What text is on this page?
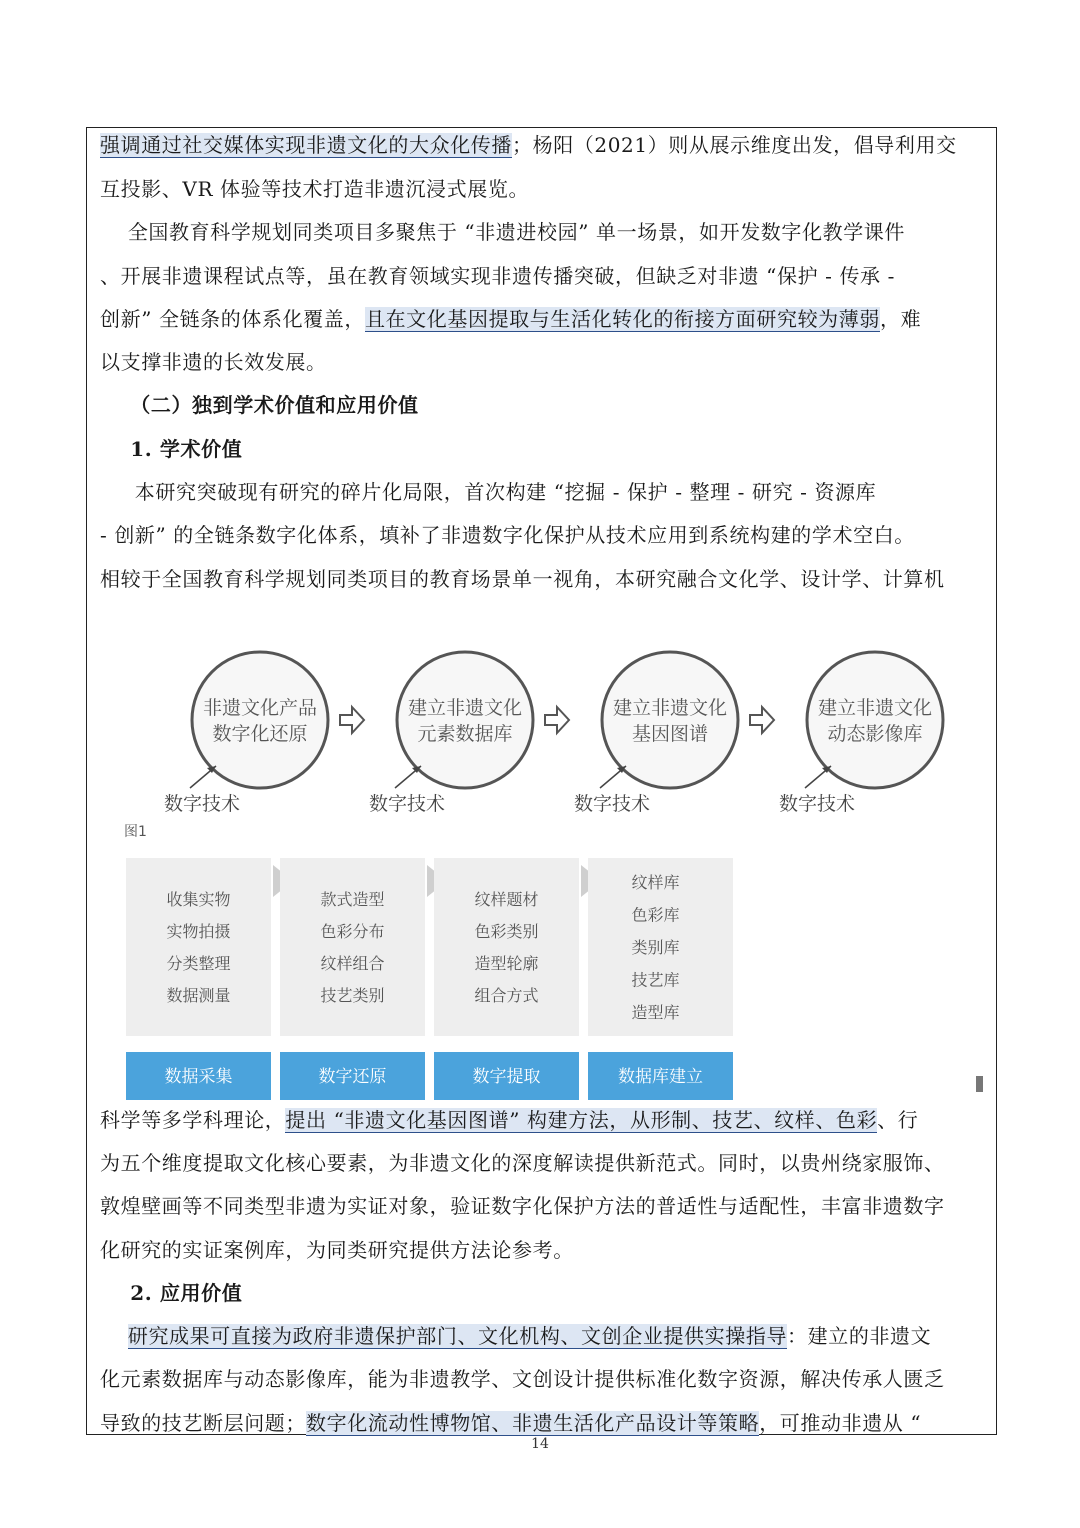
强调通过社交媒体实现非遗文化的大众化传播；杨阳（2021）则从展示维度出发，倡导利用交
互投影、VR 体验等技术打造非遗沉浸式展览。
全国教育科学规划同类项目多聚焦于 “非遗进校园” 单一场景，如开发数字化教学课件
、开展非遗课程试点等，虽在教育领域实现非遗传播突破，但缺乏对非遗 “保护 - 传承 -
创新” 全链条的体系化覆盖，且在文化基因提取与生活化转化的衔接方面研究较为薄弱，难
以支撑非遗的长效发展。
（二）独到学术价值和应用价值
1. 学术价值
本研究突破现有研究的碎片化局限，首次构建 “挖掘 - 保护 - 整理 - 研究 - 资源库
- 创新” 的全链条数字化体系，填补了非遗数字化保护从技术应用到系统构建的学术空白。
相较于全国教育科学规划同类项目的教育场景单一视角，本研究融合文化学、设计学、计算机
科学等多学科理论，提出 “非遗文化基因图谱” 构建方法，从形制、技艺、纹样、色彩、行
为五个维度提取文化核心要素，为非遗文化的深度解读提供新范式。同时，以贵州绕家服饰、
敦煌壁画等不同类型非遗为实证对象，验证数字化保护方法的普适性与适配性，丰富非遗数字
化研究的实证案例库，为同类研究提供方法论参考。
2. 应用价值
研究成果可直接为政府非遗保护部门、文化机构、文创企业提供实操指导：建立的非遗文
化元素数据库与动态影像库，能为非遗教学、文创设计提供标准化数字资源，解决传承人匮乏
导致的技艺断层问题；数字化流动性博物馆、非遗生活化产品设计等策略，可推动非遗从 “
非遗文化产品
数字化还原
数字技术
建立非遗文化
元素数据库
数字技术
建立非遗文化
基因图谱
数字技术
建立非遗文化
动态影像库
数字技术
图1
收集实物
实物拍摄
分类整理
数据测量
数据采集
款式造型
色彩分布
纹样组合
技艺类别
数字还原
纹样题材
色彩类别
造型轮廓
组合方式
数字提取
纹样库
色彩库
类别库
技艺库
造型库
数据库建立
14
